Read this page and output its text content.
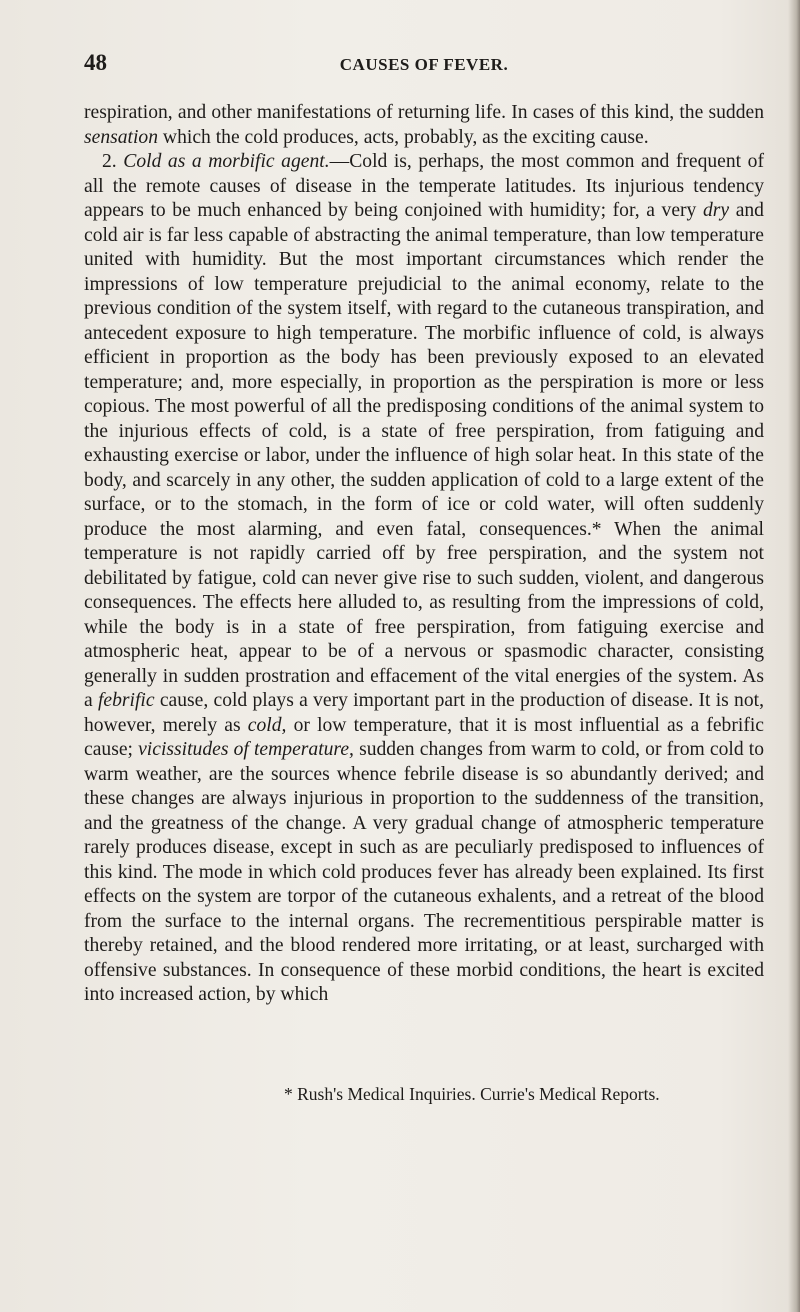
48	CAUSES OF FEVER.

respiration, and other manifestations of returning life. In cases of this kind, the sudden sensation which the cold produces, acts, probably, as the exciting cause.

2. Cold as a morbific agent.—Cold is, perhaps, the most common and frequent of all the remote causes of disease in the temperate latitudes. Its injurious tendency appears to be much enhanced by being conjoined with humidity; for, a very dry and cold air is far less capable of abstracting the animal temperature, than low temperature united with humidity. But the most important circumstances which render the impressions of low temperature prejudicial to the animal economy, relate to the previous condition of the system itself, with regard to the cutaneous transpiration, and antecedent exposure to high temperature. The morbific influence of cold, is always efficient in proportion as the body has been previously exposed to an elevated temperature; and, more especially, in proportion as the perspiration is more or less copious. The most powerful of all the predisposing conditions of the animal system to the injurious effects of cold, is a state of free perspiration, from fatiguing and exhausting exercise or labor, under the influence of high solar heat. In this state of the body, and scarcely in any other, the sudden application of cold to a large extent of the surface, or to the stomach, in the form of ice or cold water, will often suddenly produce the most alarming, and even fatal, consequences.* When the animal temperature is not rapidly carried off by free perspiration, and the system not debilitated by fatigue, cold can never give rise to such sudden, violent, and dangerous consequences. The effects here alluded to, as resulting from the impressions of cold, while the body is in a state of free perspiration, from fatiguing exercise and atmospheric heat, appear to be of a nervous or spasmodic character, consisting generally in sudden prostration and effacement of the vital energies of the system. As a febrific cause, cold plays a very important part in the production of disease. It is not, however, merely as cold, or low temperature, that it is most influential as a febrific cause; vicissitudes of temperature, sudden changes from warm to cold, or from cold to warm weather, are the sources whence febrile disease is so abundantly derived; and these changes are always injurious in proportion to the suddenness of the transition, and the greatness of the change. A very gradual change of atmospheric temperature rarely produces disease, except in such as are peculiarly predisposed to influences of this kind. The mode in which cold produces fever has already been explained. Its first effects on the system are torpor of the cutaneous exhalents, and a retreat of the blood from the surface to the internal organs. The recrementitious perspirable matter is thereby retained, and the blood rendered more irritating, or at least, surcharged with offensive substances. In consequence of these morbid conditions, the heart is excited into increased action, by which

* Rush's Medical Inquiries. Currie's Medical Reports.
